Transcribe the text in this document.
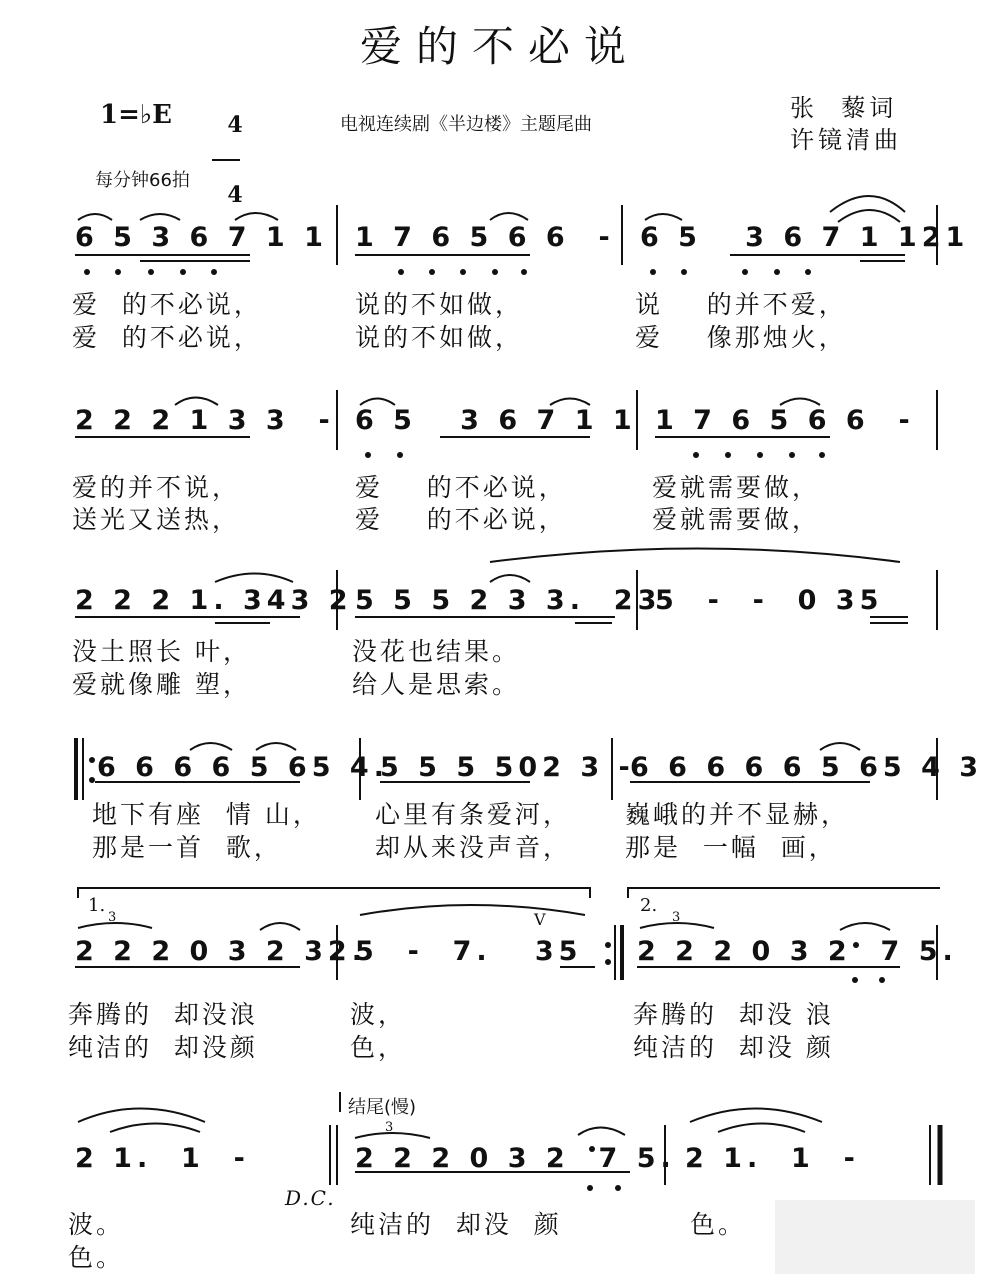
爱的不必说
1=♭E	4

4

电视连续剧《半边楼》主题尾曲
张  藜词
许镜清曲
每分钟66拍
6 5 3 6 7 1 1 1 7 6 5 6 6  - 6 5   3 6 7 1 121
爱  的不必说，	说的不如做，	说    的并不爱，
爱  的不必说，	说的不如做，	爱    像那烛火，
2 2 2 1 3 3  - 6 5   3 6 7 1 1 1 7 6 5 6 6  -
爱的并不说，	爱    的不必说，	爱就需要做，
送光又送热，	爱    的不必说，	爱就需要做，
2 2 2 1. 343 2 5 5 5 2 3 3.  23
5  -  -  0 35
没土照长 叶，	没花也结果。
爱就像雕 塑，	给人是思索。
6 6 6 6 5 65 4.
5 5 5 502 3 -
6 6 6 6 6 5 65 4 3
地下有座  情 山， 心里有条爱河， 巍峨的并不显赫，
那是一首  歌，	却从来没声音， 那是  一幅  画，
1.	2.
3	3
V
2 2 2 0 3 2 32.
5  -  7.   35 2 2 2 0 3 2  7 5.
奔腾的  却没浪	波，	奔腾的  却没 浪
纯洁的  却没颜	色，	纯洁的  却没 颜
结尾(慢)
3
2 1.  1  -	2 2 2 0 3 2  7 5. 2 1.  1  -
D.C.
波。	纯洁的  却没  颜	色。
色。
